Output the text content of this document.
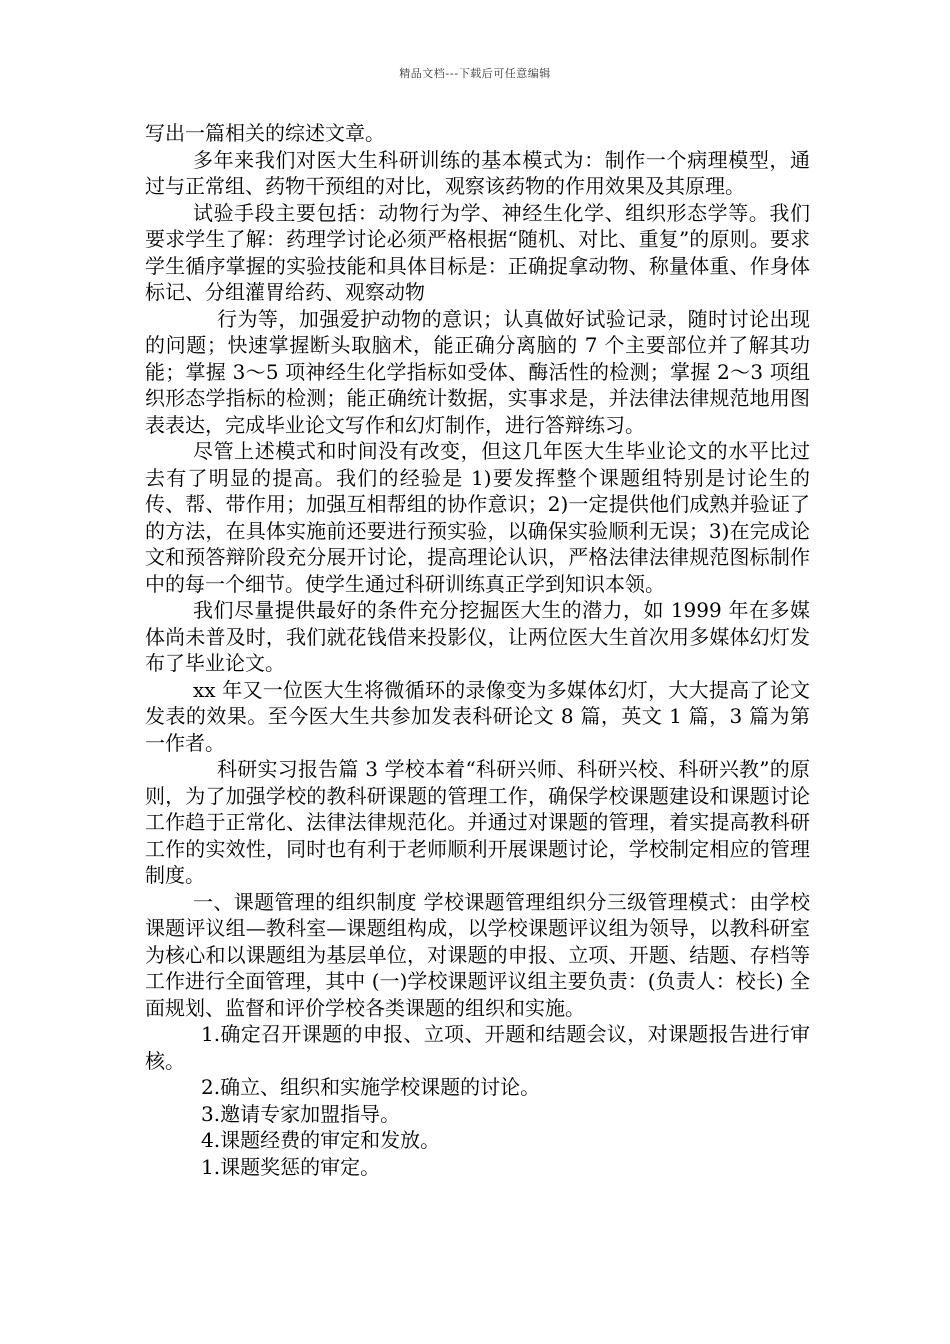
精品文档---下载后可任意编辑

写出一篇相关的综述文章。

多年来我们对医大生科研训练的基本模式为：制作一个病理模型，通过与正常组、药物干预组的对比，观察该药物的作用效果及其原理。

试验手段主要包括：动物行为学、神经生化学、组织形态学等。我们要求学生了解：药理学讨论必须严格根据“随机、对比、重复”的原则。要求学生循序掌握的实验技能和具体目标是：正确捉拿动物、称量体重、作身体标记、分组灌胃给药、观察动物

行为等，加强爱护动物的意识；认真做好试验记录，随时讨论出现的问题；快速掌握断头取脑术，能正确分离脑的 7 个主要部位并了解其功能；掌握 3～5 项神经生化学指标如受体、酶活性的检测；掌握 2～3 项组织形态学指标的检测；能正确统计数据，实事求是，并法律法律规范地用图表表达，完成毕业论文写作和幻灯制作，进行答辩练习。

尽管上述模式和时间没有改变，但这几年医大生毕业论文的水平比过去有了明显的提高。我们的经验是 1)要发挥整个课题组特别是讨论生的传、帮、带作用；加强互相帮组的协作意识；2)一定提供他们成熟并验证了的方法，在具体实施前还要进行预实验，以确保实验顺利无误；3)在完成论文和预答辩阶段充分展开讨论，提高理论认识，严格法律法律规范图标制作中的每一个细节。使学生通过科研训练真正学到知识本领。

我们尽量提供最好的条件充分挖掘医大生的潜力，如 1999 年在多媒体尚未普及时，我们就花钱借来投影仪，让两位医大生首次用多媒体幻灯发布了毕业论文。

xx 年又一位医大生将微循环的录像变为多媒体幻灯，大大提高了论文发表的效果。至今医大生共参加发表科研论文 8 篇，英文 1 篇，3 篇为第一作者。

科研实习报告篇 3 学校本着“科研兴师、科研兴校、科研兴教”的原则，为了加强学校的教科研课题的管理工作，确保学校课题建设和课题讨论工作趋于正常化、法律法律规范化。并通过对课题的管理，着实提高教科研工作的实效性，同时也有利于老师顺利开展课题讨论，学校制定相应的管理制度。

一、课题管理的组织制度 学校课题管理组织分三级管理模式：由学校课题评议组—教科室—课题组构成，以学校课题评议组为领导，以教科研室为核心和以课题组为基层单位，对课题的申报、立项、开题、结题、存档等工作进行全面管理，其中 (一)学校课题评议组主要负责：(负责人：校长) 全面规划、监督和评价学校各类课题的组织和实施。

1.确定召开课题的申报、立项、开题和结题会议，对课题报告进行审核。

2.确立、组织和实施学校课题的讨论。

3.邀请专家加盟指导。

4.课题经费的审定和发放。

1.课题奖惩的审定。
